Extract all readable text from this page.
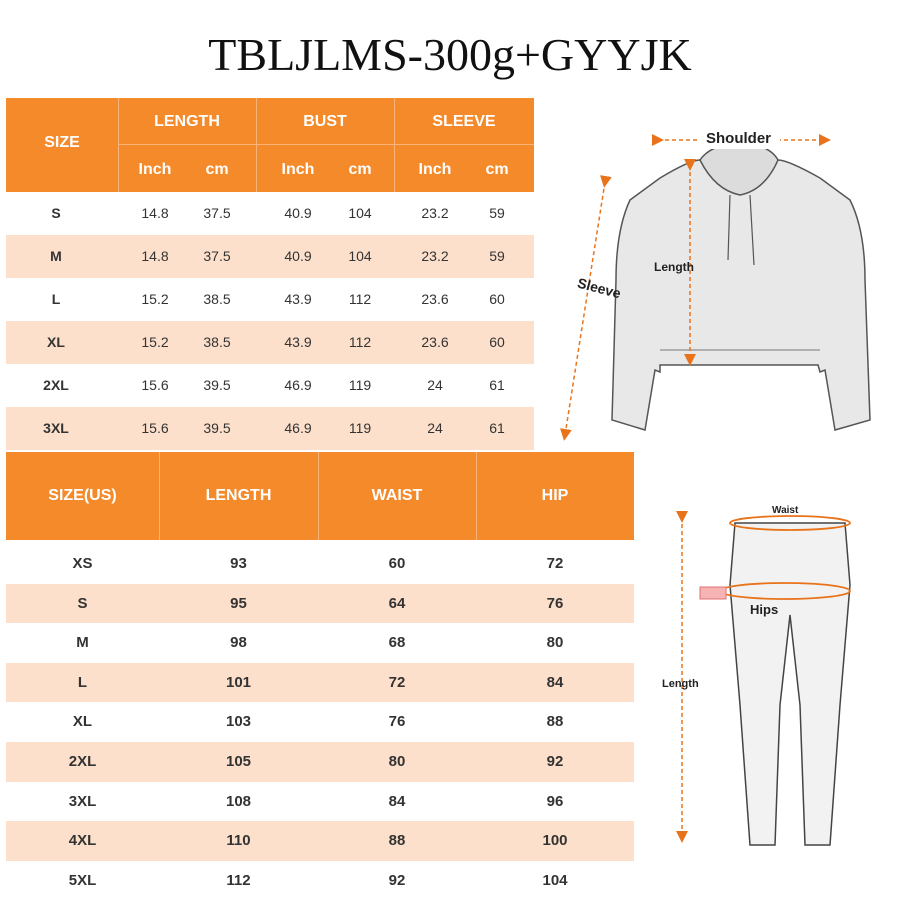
TBLJLMS-300g+GYYJK
SIZE
LENGTH	BUST	SLEEVE
Inch	cm	Inch	cm	Inch	cm
S	14.8	37.5	40.9	104	23.2	59
M	14.8	37.5	40.9	104	23.2	59
L	15.2	38.5	43.9	112	23.6	60
XL	15.2	38.5	43.9	112	23.6	60
2XL	15.6	39.5	46.9	119	24	61
3XL	15.6	39.5	46.9	119	24	61
SIZE(US)	LENGTH	WAIST	HIP
XS	93	60	72
S	95	64	76
M	98	68	80
L	101	72	84
XL	103	76	88
2XL	105	80	92
3XL	108	84	96
4XL	110	88	100
5XL	112	92	104
Shoulder
Length
Sleeve
Waist
Hips
Length
